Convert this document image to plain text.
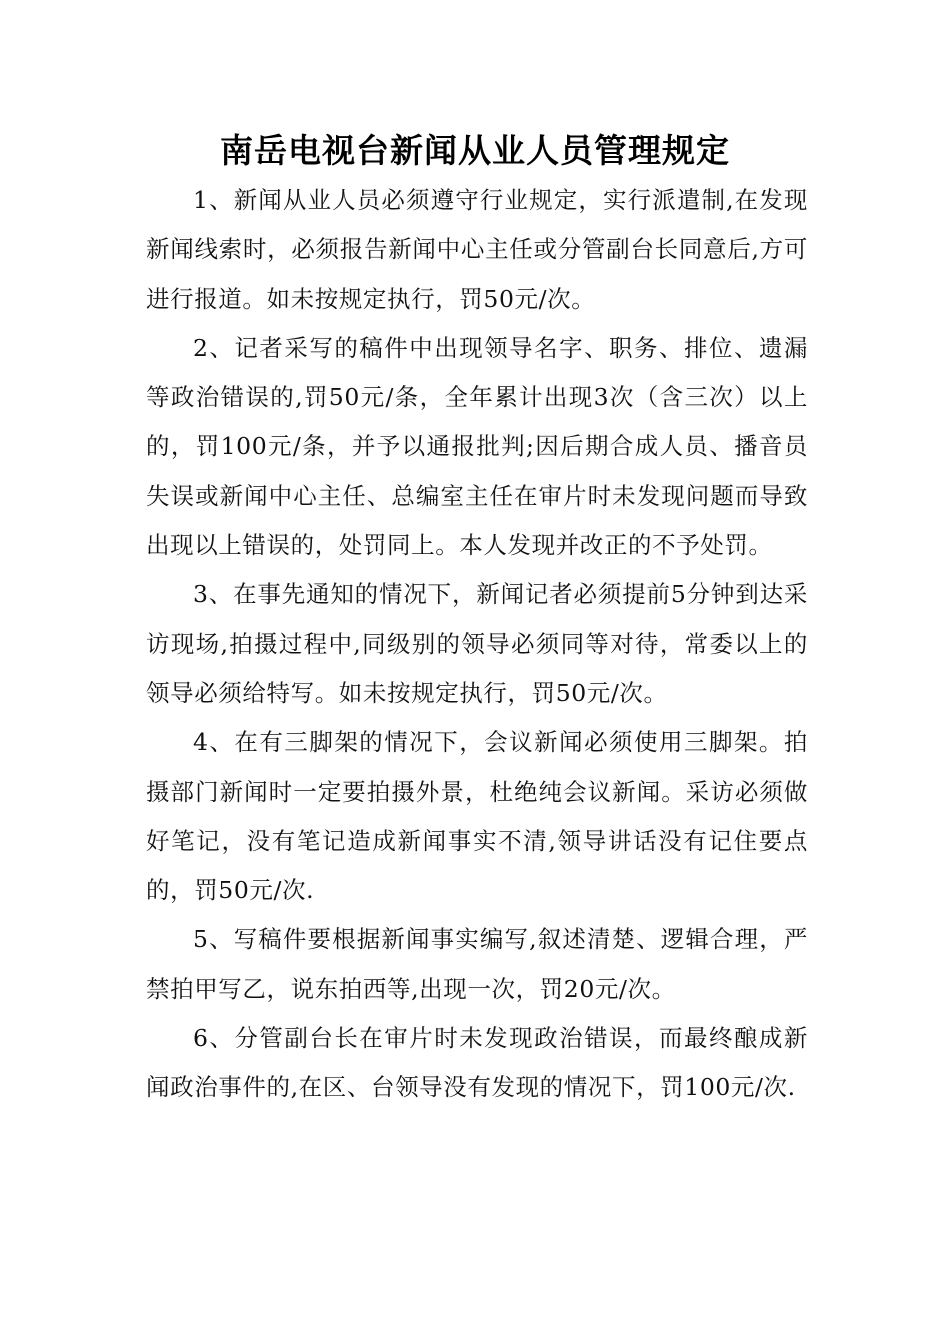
南岳电视台新闻从业人员管理规定

1、新闻从业人员必须遵守行业规定，实行派遣制,在发现新闻线索时，必须报告新闻中心主任或分管副台长同意后,方可进行报道。如未按规定执行，罚50元/次。

2、记者采写的稿件中出现领导名字、职务、排位、遗漏等政治错误的,罚50元/条，全年累计出现3次（含三次）以上的，罚100元/条，并予以通报批判;因后期合成人员、播音员失误或新闻中心主任、总编室主任在审片时未发现问题而导致出现以上错误的，处罚同上。本人发现并改正的不予处罚。

3、在事先通知的情况下，新闻记者必须提前5分钟到达采访现场,拍摄过程中,同级别的领导必须同等对待，常委以上的领导必须给特写。如未按规定执行，罚50元/次。

4、在有三脚架的情况下，会议新闻必须使用三脚架。拍摄部门新闻时一定要拍摄外景，杜绝纯会议新闻。采访必须做好笔记，没有笔记造成新闻事实不清,领导讲话没有记住要点的，罚50元/次.

5、写稿件要根据新闻事实编写,叙述清楚、逻辑合理，严禁拍甲写乙，说东拍西等,出现一次，罚20元/次。

6、分管副台长在审片时未发现政治错误，而最终酿成新闻政治事件的,在区、台领导没有发现的情况下，罚100元/次.
